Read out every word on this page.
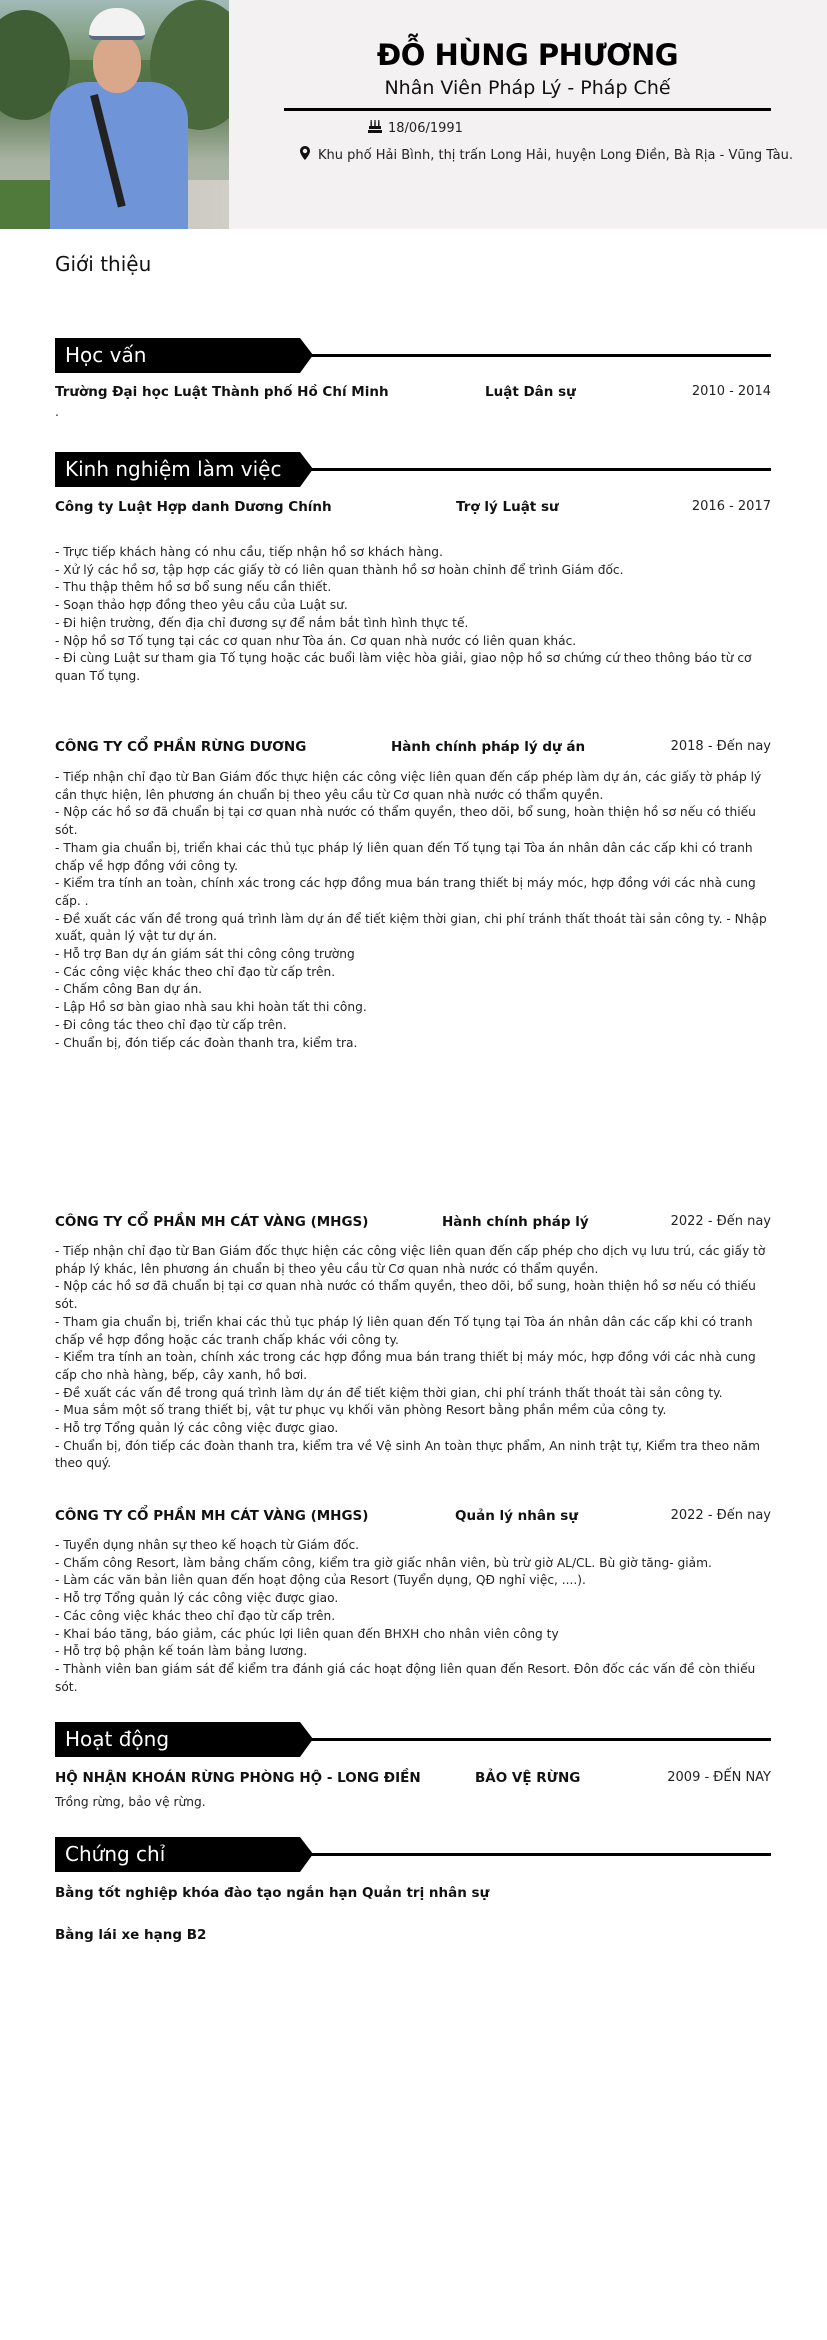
ĐỖ HÙNG PHƯƠNG
Nhân Viên Pháp Lý - Pháp Chế
18/06/1991
Khu phố Hải Bình, thị trấn Long Hải, huyện Long Điền, Bà Rịa - Vũng Tàu.
Giới thiệu
Học vấn
Trường Đại học Luật Thành phố Hồ Chí Minh	Luật Dân sự	2010 - 2014
.
Kinh nghiệm làm việc
Công ty Luật Hợp danh Dương Chính	Trợ lý Luật sư	2016 - 2017
- Trực tiếp khách hàng có nhu cầu, tiếp nhận hồ sơ khách hàng.
- Xử lý các hồ sơ, tập hợp các giấy tờ có liên quan thành hồ sơ hoàn chỉnh để trình Giám đốc.
- Thu thập thêm hồ sơ bổ sung nếu cần thiết.
- Soạn thảo hợp đồng theo yêu cầu của Luật sư.
- Đi hiện trường, đến địa chỉ đương sự để nắm bắt tình hình thực tế.
- Nộp hồ sơ Tố tụng tại các cơ quan như Tòa án. Cơ quan nhà nước có liên quan khác.
- Đi cùng Luật sư tham gia Tố tụng hoặc các buổi làm việc hòa giải, giao nộp hồ sơ chứng cứ theo thông báo từ cơ quan Tố tụng.
CÔNG TY CỔ PHẦN RỪNG DƯƠNG	Hành chính pháp lý dự án	2018 - Đến nay
- Tiếp nhận chỉ đạo từ Ban Giám đốc thực hiện các công việc liên quan đến cấp phép làm dự án, các giấy tờ pháp lý cần thực hiện, lên phương án chuẩn bị theo yêu cầu từ Cơ quan nhà nước có thẩm quyền.
- Nộp các hồ sơ đã chuẩn bị tại cơ quan nhà nước có thẩm quyền, theo dõi, bổ sung, hoàn thiện hồ sơ nếu có thiếu sót.
- Tham gia chuẩn bị, triển khai các thủ tục pháp lý liên quan đến Tố tụng tại Tòa án nhân dân các cấp khi có tranh chấp về hợp đồng với công ty.
- Kiểm tra tính an toàn, chính xác trong các hợp đồng mua bán trang thiết bị máy móc, hợp đồng với các nhà cung cấp. .
- Đề xuất các vấn đề trong quá trình làm dự án để tiết kiệm thời gian, chi phí tránh thất thoát tài sản công ty. - Nhập xuất, quản lý vật tư dự án.
- Hỗ trợ Ban dự án giám sát thi công công trường
- Các công việc khác theo chỉ đạo từ cấp trên.
- Chấm công Ban dự án.
- Lập Hồ sơ bàn giao nhà sau khi hoàn tất thi công.
- Đi công tác theo chỉ đạo từ cấp trên.
- Chuẩn bị, đón tiếp các đoàn thanh tra, kiểm tra.
CÔNG TY CỔ PHẦN MH CÁT VÀNG (MHGS)	Hành chính pháp lý	2022 - Đến nay
- Tiếp nhận chỉ đạo từ Ban Giám đốc thực hiện các công việc liên quan đến cấp phép cho dịch vụ lưu trú, các giấy tờ pháp lý khác, lên phương án chuẩn bị theo yêu cầu từ Cơ quan nhà nước có thẩm quyền.
- Nộp các hồ sơ đã chuẩn bị tại cơ quan nhà nước có thẩm quyền, theo dõi, bổ sung, hoàn thiện hồ sơ nếu có thiếu sót.
- Tham gia chuẩn bị, triển khai các thủ tục pháp lý liên quan đến Tố tụng tại Tòa án nhân dân các cấp khi có tranh chấp về hợp đồng hoặc các tranh chấp khác với công ty.
- Kiểm tra tính an toàn, chính xác trong các hợp đồng mua bán trang thiết bị máy móc, hợp đồng với các nhà cung cấp cho nhà hàng, bếp, cây xanh, hồ bơi.
- Đề xuất các vấn đề trong quá trình làm dự án để tiết kiệm thời gian, chi phí tránh thất thoát tài sản công ty.
- Mua sắm một số trang thiết bị, vật tư phục vụ khối văn phòng Resort bằng phần mềm của công ty.
- Hỗ trợ Tổng quản lý các công việc được giao.
- Chuẩn bị, đón tiếp các đoàn thanh tra, kiểm tra về Vệ sinh An toàn thực phẩm, An ninh trật tự, Kiểm tra theo năm theo quý.
CÔNG TY CỔ PHẦN MH CÁT VÀNG (MHGS)	Quản lý nhân sự	2022 - Đến nay
- Tuyển dụng nhân sự theo kế hoạch từ Giám đốc.
- Chấm công Resort, làm bảng chấm công, kiểm tra giờ giấc nhân viên, bù trừ giờ AL/CL. Bù giờ tăng- giảm.
- Làm các văn bản liên quan đến hoạt động của Resort (Tuyển dụng, QĐ nghỉ việc, ....).
- Hỗ trợ Tổng quản lý các công việc được giao.
- Các công việc khác theo chỉ đạo từ cấp trên.
- Khai báo tăng, báo giảm, các phúc lợi liên quan đến BHXH cho nhân viên công ty
- Hỗ trợ bộ phận kế toán làm bảng lương.
- Thành viên ban giám sát để kiểm tra đánh giá các hoạt động liên quan đến Resort. Đôn đốc các vấn đề còn thiếu sót.
Hoạt động
HỘ NHẬN KHOÁN RỪNG PHÒNG HỘ - LONG ĐIỀN	BẢO VỆ RỪNG	2009 - ĐẾN NAY
Trồng rừng, bảo vệ rừng.
Chứng chỉ
Bằng tốt nghiệp khóa đào tạo ngắn hạn Quản trị nhân sự
Bằng lái xe hạng B2
